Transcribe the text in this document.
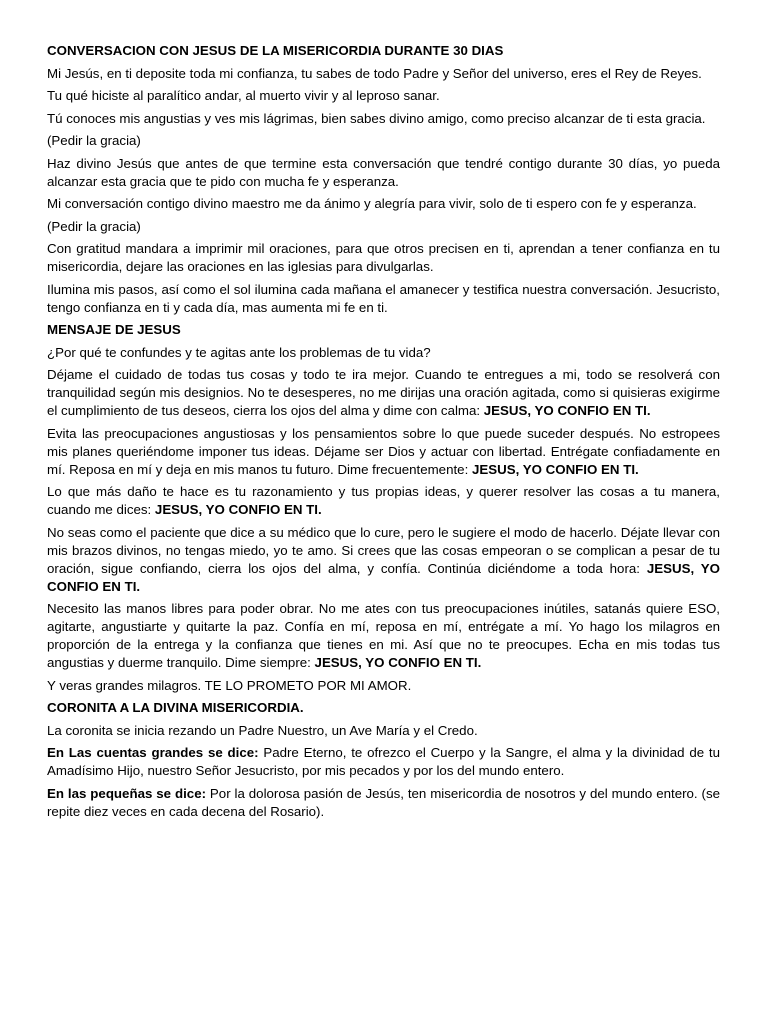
CONVERSACION CON JESUS DE LA MISERICORDIA DURANTE 30 DIAS

Mi Jesús, en ti deposite toda mi confianza, tu sabes de todo Padre y Señor del universo, eres el Rey de Reyes.

Tu qué hiciste al paralítico andar, al muerto vivir y al leproso sanar.

Tú conoces mis angustias y ves mis lágrimas, bien sabes divino amigo, como preciso alcanzar de ti esta gracia.

(Pedir la gracia)

Haz divino Jesús que antes de que termine esta conversación que tendré contigo durante 30 días, yo pueda alcanzar esta gracia que te pido con mucha fe y esperanza.

Mi conversación contigo divino maestro me da ánimo y alegría para vivir, solo de ti espero con fe y esperanza.

(Pedir la gracia)

Con gratitud mandara a imprimir mil oraciones, para que otros precisen en ti, aprendan a tener confianza en tu misericordia, dejare las oraciones en las iglesias para divulgarlas.

Ilumina mis pasos, así como el sol ilumina cada mañana el amanecer y testifica nuestra conversación. Jesucristo, tengo confianza en ti y cada día, mas aumenta mi fe en ti.

MENSAJE DE JESUS

¿Por qué te confundes y te agitas ante los problemas de tu vida?

Déjame el cuidado de todas tus cosas y todo te ira mejor. Cuando te entregues a mi, todo se resolverá con tranquilidad según mis designios. No te desesperes, no me dirijas una oración agitada, como si quisieras exigirme el cumplimiento de tus deseos, cierra los ojos del alma y dime con calma: JESUS, YO CONFIO EN TI.

Evita las preocupaciones angustiosas y los pensamientos sobre lo que puede suceder después. No estropees mis planes queriéndome imponer tus ideas. Déjame ser Dios y actuar con libertad. Entrégate confiadamente en mí. Reposa en mí y deja en mis manos tu futuro. Dime frecuentemente: JESUS, YO CONFIO EN TI.

Lo que más daño te hace es tu razonamiento y tus propias ideas, y querer resolver las cosas a tu manera, cuando me dices: JESUS, YO CONFIO EN TI.

No seas como el paciente que dice a su médico que lo cure, pero le sugiere el modo de hacerlo. Déjate llevar con mis brazos divinos, no tengas miedo, yo te amo. Si crees que las cosas empeoran o se complican a pesar de tu oración, sigue confiando, cierra los ojos del alma, y confía. Continúa diciéndome a toda hora: JESUS, YO CONFIO EN TI.

Necesito las manos libres para poder obrar. No me ates con tus preocupaciones inútiles, satanás quiere ESO, agitarte, angustiarte y quitarte la paz. Confía en mí, reposa en mí, entrégate a mí. Yo hago los milagros en proporción de la entrega y la confianza que tienes en mi. Así que no te preocupes. Echa en mis todas tus angustias y duerme tranquilo. Dime siempre: JESUS, YO CONFIO EN TI.

Y veras grandes milagros. TE LO PROMETO POR MI AMOR.

CORONITA A LA DIVINA MISERICORDIA.

La coronita se inicia rezando un Padre Nuestro, un Ave María y el Credo.

En Las cuentas grandes se dice: Padre Eterno, te ofrezco el Cuerpo y la Sangre, el alma y la divinidad de tu Amadísimo Hijo, nuestro Señor Jesucristo, por mis pecados y por los del mundo entero.

En las pequeñas se dice: Por la dolorosa pasión de Jesús, ten misericordia de nosotros y del mundo entero. (se repite diez veces en cada decena del Rosario).
